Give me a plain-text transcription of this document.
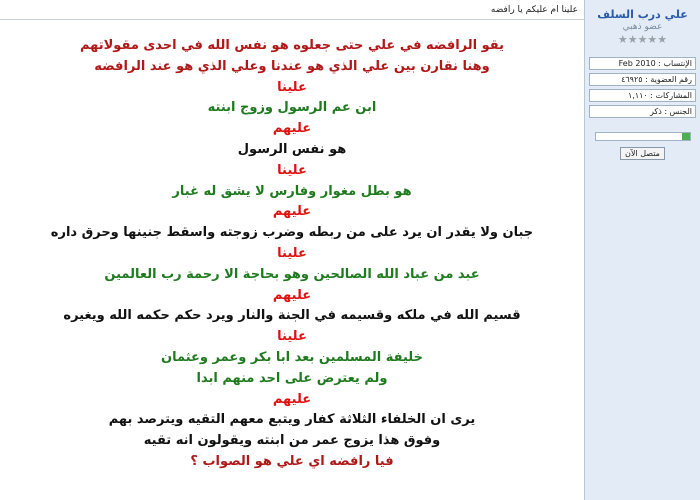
علينا ام عليكم يا رافضه
يقو الرافضه في علي حتى جعلوه هو نفس الله في احدى مقولاتهم
وهنا نقارن بين علي الذي هو عندنا وعلي الذي هو عند الرافضه
علينا
ابن عم الرسول وزوج ابنته
عليهم
هو نفس الرسول
علينا
هو بطل مغوار وفارس لا يشق له غبار
عليهم
جبان ولا يقدر ان يرد على من ربطه وضرب زوجته واسقط جنينها وحرق داره
علينا
عبد من عباد الله الصالحين وهو بحاجة الا رحمة رب العالمين
عليهم
قسيم الله في ملكه وقسيمه في الجنة والنار ويرد حكم حكمه الله ويغيره
علينا
خليفة المسلمين بعد ابا بكر وعمر وعثمان
ولم يعترض على احد منهم ابدا
عليهم
يرى ان الخلفاء الثلاثة كفار ويتبع معهم التقيه ويترصد بهم
وفوق هذا يزوج عمر من ابنته ويقولون انه تقيه
فيا رافضه اي علي هو الصواب ؟
علي درب السلف
عضو ذهبي
★★★★★
الإنتساب : Feb 2010
رقم العضوية : ٤٦٩٢٥
المشاركات : ١,١١٠
الجنس : ذكر
متصل الآن
